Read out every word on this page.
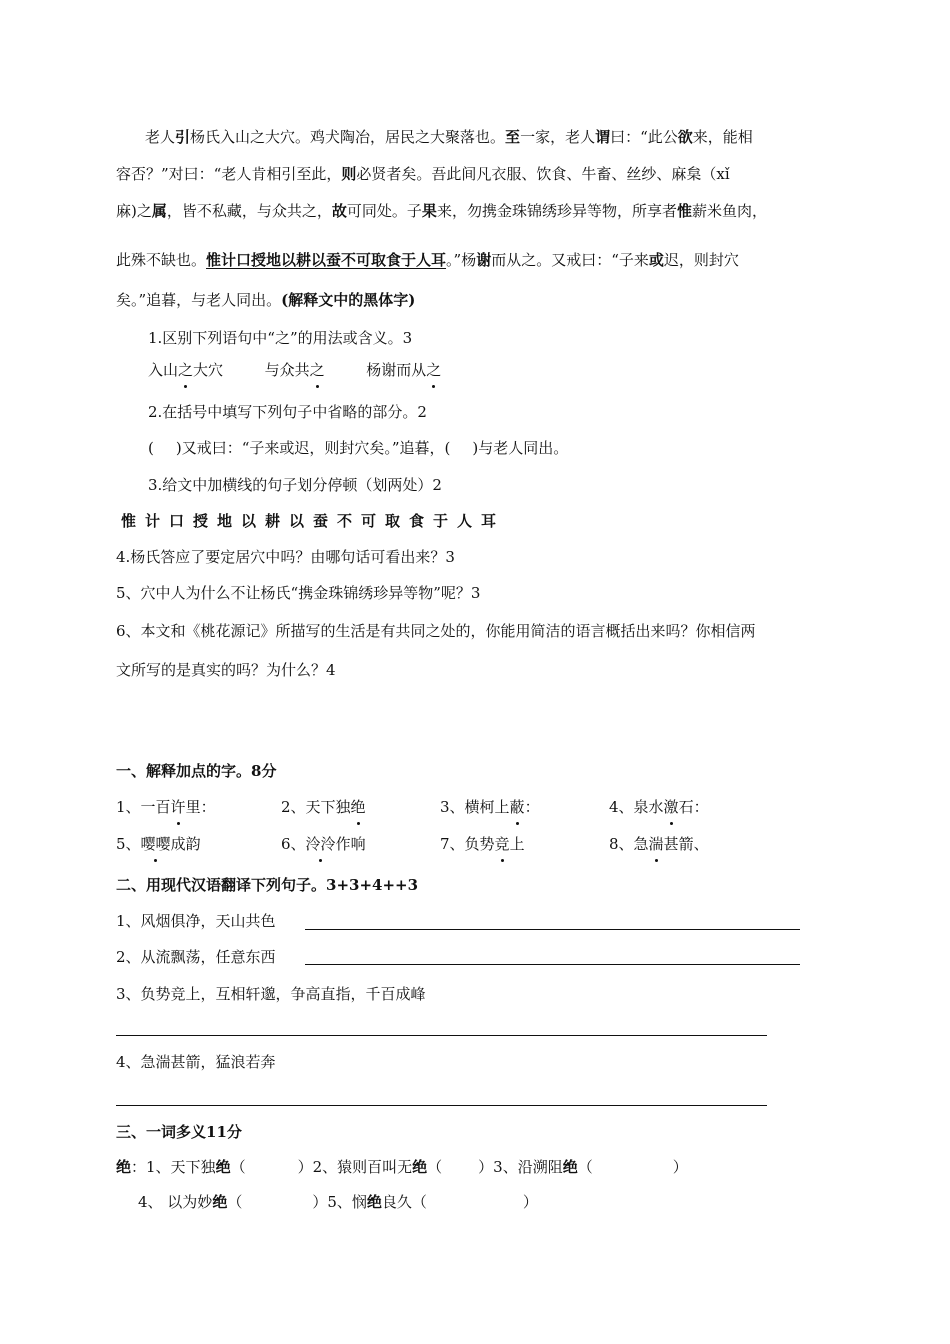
老人引杨氏入山之大穴。鸡犬陶冶，居民之大聚落也。至一家，老人谓曰：“此公欲来，能相
容否？”对曰：“老人肯相引至此，则必贤者矣。吾此间凡衣服、饮食、牛畜、丝纱、麻枲（xǐ
麻)之属，皆不私藏，与众共之，故可同处。子果来，勿携金珠锦绣珍异等物，所享者惟薪米鱼肉，
此殊不缺也。惟计口授地以耕以蚕不可取食于人耳。”杨谢而从之。又戒曰：“子来或迟，则封穴
矣。”追暮，与老人同出。(解释文中的黑体字)
1.区别下列语句中“之”的用法或含义。3
入山之大穴	与众共之	杨谢而从之
2.在括号中填写下列句子中省略的部分。2
( )又戒曰：“子来或迟，则封穴矣。”追暮，( )与老人同出。
3.给文中加横线的句子划分停顿（划两处）2
惟计口授地以耕以蚕不可取食于人耳
4.杨氏答应了要定居穴中吗？由哪句话可看出来？3
5、穴中人为什么不让杨氏“携金珠锦绣珍异等物”呢？3
6、本文和《桃花源记》所描写的生活是有共同之处的，你能用简洁的语言概括出来吗？你相信两
文所写的是真实的吗？为什么？4
一、解释加点的字。8分
1、一百许里：	2、天下独绝	3、横柯上蔽：	4、泉水激石：
5、嘤嘤成韵	6、泠泠作响	7、负势竞上	8、急湍甚箭、
二、用现代汉语翻译下列句子。3+3+4++3
1、风烟俱净，天山共色
2、从流飘荡，任意东西
3、负势竞上，互相轩邈，争高直指，千百成峰
4、急湍甚箭，猛浪若奔
三、一词多义11分
绝：1、天下独绝（	）2、猿则百叫无绝（ ）3、沿溯阻绝（	）
4、 以为妙绝（	）5、悯绝良久（	）
